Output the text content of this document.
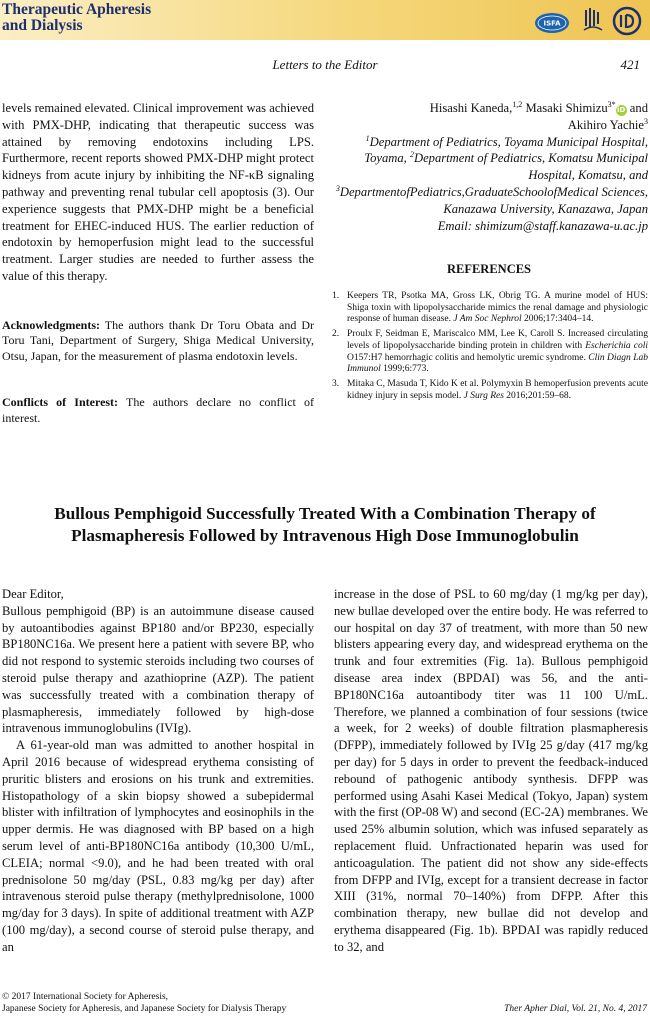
Therapeutic Apheresis
and Dialysis	ISFA
Letters to the Editor	421

levels remained elevated. Clinical improvement was achieved with PMX-DHP, indicating that therapeutic success was attained by removing endotoxins including LPS. Furthermore, recent reports showed PMX-DHP might protect kidneys from acute injury by inhibiting the NF-κB signaling pathway and preventing renal tubular cell apoptosis (3). Our experience suggests that PMX-DHP might be a beneficial treatment for EHEC-induced HUS. The earlier reduction of endotoxin by hemoperfusion might lead to the successful treatment. Larger studies are needed to further assess the value of this therapy.

Acknowledgments: The authors thank Dr Toru Obata and Dr Toru Tani, Department of Surgery, Shiga Medical University, Otsu, Japan, for the measurement of plasma endotoxin levels.

Conflicts of Interest: The authors declare no conflict of interest.

Hisashi Kaneda,$^{1,2}$ Masaki Shimizu$^{3*}$iD and
Akihiro Yachie$^3$
$^1$Department of Pediatrics, Toyama Municipal Hospital, Toyama, $^2$Department of Pediatrics, Komatsu Municipal Hospital, Komatsu, and
$^3$DepartmentofPediatrics,GraduateSchoolofMedical Sciences, Kanazawa University, Kanazawa, Japan
Email: shimizum@staff.kanazawa-u.ac.jp
REFERENCES
1. Keepers TR, Psotka MA, Gross LK, Obrig TG. A murine model of HUS: Shiga toxin with lipopolysaccharide mimics the renal damage and physiologic response of human disease. J Am Soc Nephrol 2006;17:3404–14.
2. Proulx F, Seidman E, Mariscalco MM, Lee K, Caroll S. Increased circulating levels of lipopolysaccharide binding protein in children with Escherichia coli O157:H7 hemorrhagic colitis and hemolytic uremic syndrome. Clin Diagn Lab Immunol 1999;6:773.
3. Mitaka C, Masuda T, Kido K et al. Polymyxin B hemoperfusion prevents acute kidney injury in sepsis model. J Surg Res 2016;201:59–68.
Bullous Pemphigoid Successfully Treated With a Combination Therapy of
Plasmapheresis Followed by Intravenous High Dose Immunoglobulin

Dear Editor,

Bullous pemphigoid (BP) is an autoimmune disease caused by autoantibodies against BP180 and/or BP230, especially BP180NC16a. We present here a patient with severe BP, who did not respond to systemic steroids including two courses of steroid pulse therapy and azathioprine (AZP). The patient was successfully treated with a combination therapy of plasmapheresis, immediately followed by high-dose intravenous immunoglobulins (IVIg).

A 61-year-old man was admitted to another hospital in April 2016 because of widespread erythema consisting of pruritic blisters and erosions on his trunk and extremities. Histopathology of a skin biopsy showed a subepidermal blister with infiltration of lymphocytes and eosinophils in the upper dermis. He was diagnosed with BP based on a high serum level of anti-BP180NC16a antibody (10,300 U/mL, CLEIA; normal <9.0), and he had been treated with oral prednisolone 50 mg/day (PSL, 0.83 mg/kg per day) after intravenous steroid pulse therapy (methylprednisolone, 1000 mg/day for 3 days). In spite of additional treatment with AZP (100 mg/day), a second course of steroid pulse therapy, and an

increase in the dose of PSL to 60 mg/day (1 mg/kg per day), new bullae developed over the entire body. He was referred to our hospital on day 37 of treatment, with more than 50 new blisters appearing every day, and widespread erythema on the trunk and four extremities (Fig. 1a). Bullous pemphigoid disease area index (BPDAI) was 56, and the anti-BP180NC16a autoantibody titer was 11 100 U/mL. Therefore, we planned a combination of four sessions (twice a week, for 2 weeks) of double filtration plasmapheresis (DFPP), immediately followed by IVIg 25 g/day (417 mg/kg per day) for 5 days in order to prevent the feedback-induced rebound of pathogenic antibody synthesis. DFPP was performed using Asahi Kasei Medical (Tokyo, Japan) system with the first (OP-08 W) and second (EC-2A) membranes. We used 25% albumin solution, which was infused separately as replacement fluid. Unfractionated heparin was used for anticoagulation. The patient did not show any side-effects from DFPP and IVIg, except for a transient decrease in factor XIII (31%, normal 70–140%) from DFPP. After this combination therapy, new bullae did not develop and erythema disappeared (Fig. 1b). BPDAI was rapidly reduced to 32, and

© 2017 International Society for Apheresis,
Japanese Society for Apheresis, and Japanese Society for Dialysis Therapy	Ther Apher Dial, Vol. 21, No. 4, 2017
